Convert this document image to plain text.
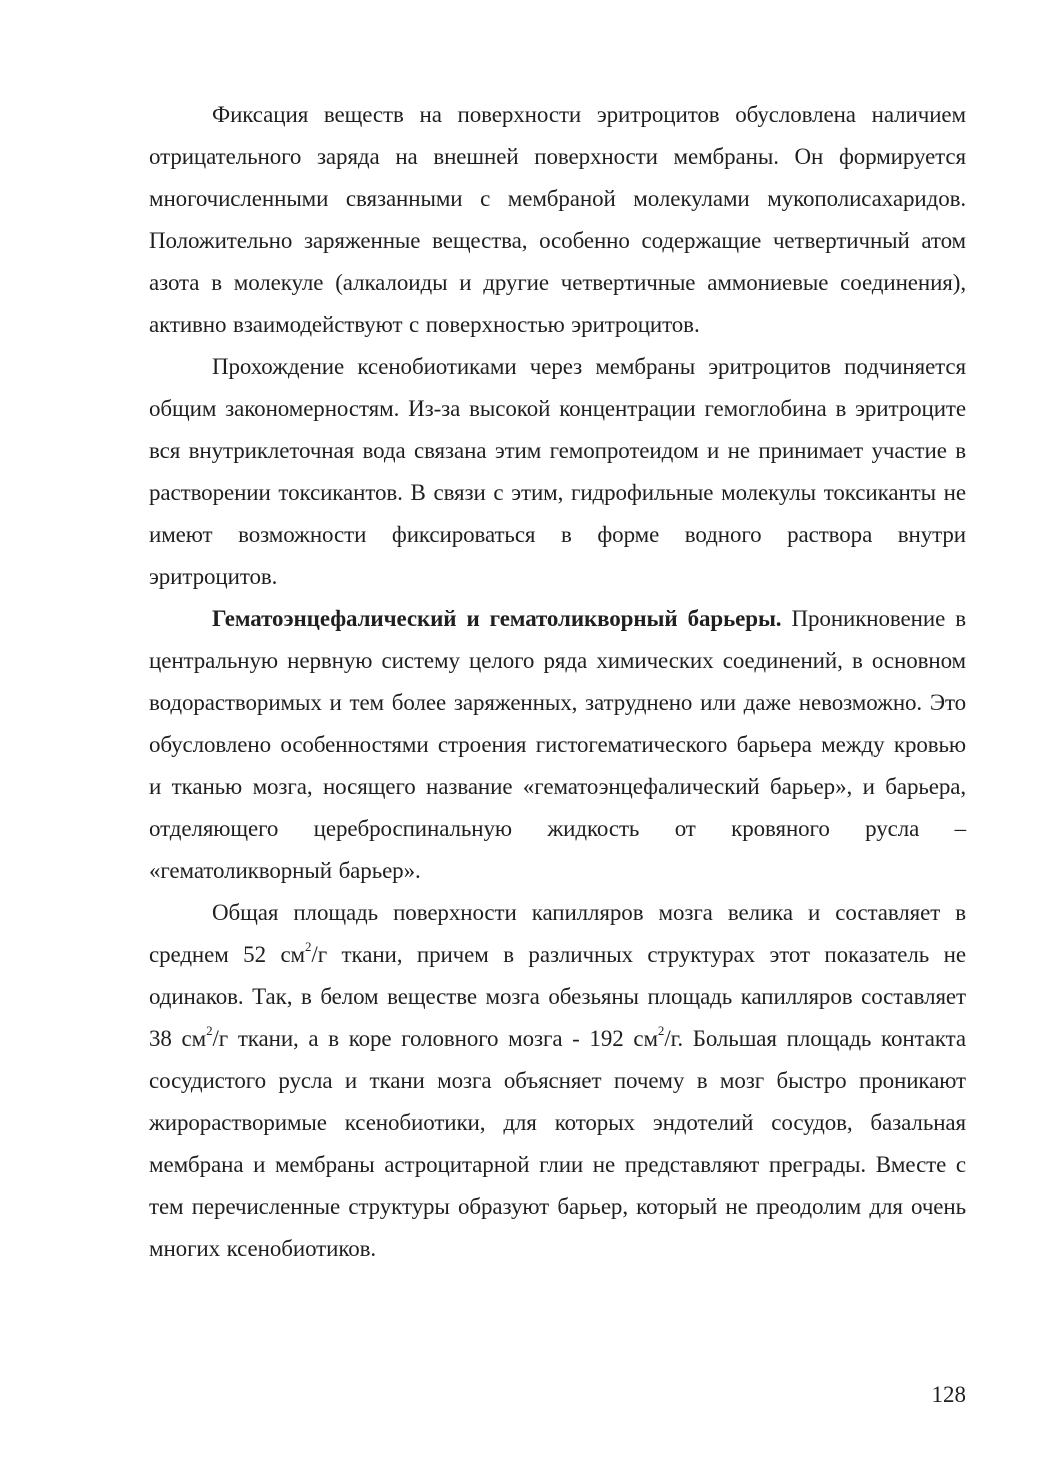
Фиксация веществ на поверхности эритроцитов обусловлена наличием отрицательного заряда на внешней поверхности мембраны. Он формируется многочисленными связанными с мембраной молекулами мукополисахаридов. Положительно заряженные вещества, особенно содержащие четвертичный атом азота в молекуле (алкалоиды и другие четвертичные аммониевые соединения), активно взаимодействуют с поверхностью эритроцитов.

Прохождение ксенобиотиками через мембраны эритроцитов подчиняется общим закономерностям. Из-за высокой концентрации гемоглобина в эритроците вся внутриклеточная вода связана этим гемопротеидом и не принимает участие в растворении токсикантов. В связи с этим, гидрофильные молекулы токсиканты не имеют возможности фиксироваться в форме водного раствора внутри эритроцитов.

Гематоэнцефалический и гематоликворный барьеры. Проникновение в центральную нервную систему целого ряда химических соединений, в основном водорастворимых и тем более заряженных, затруднено или даже невозможно. Это обусловлено особенностями строения гистогематического барьера между кровью и тканью мозга, носящего название «гематоэнцефалический барьер», и барьера, отделяющего цереброспинальную жидкость от кровяного русла – «гематоликворный барьер».

Общая площадь поверхности капилляров мозга велика и составляет в среднем 52 $см^2/г$ ткани, причем в различных структурах этот показатель не одинаков. Так, в белом веществе мозга обезьяны площадь капилляров составляет 38 $см^2/г$ ткани, а в коре головного мозга - 192 $см^2/г$. Большая площадь контакта сосудистого русла и ткани мозга объясняет почему в мозг быстро проникают жирорастворимые ксенобиотики, для которых эндотелий сосудов, базальная мембрана и мембраны астроцитарной глии не представляют преграды. Вместе с тем перечисленные структуры образуют барьер, который не преодолим для очень многих ксенобиотиков.

128
